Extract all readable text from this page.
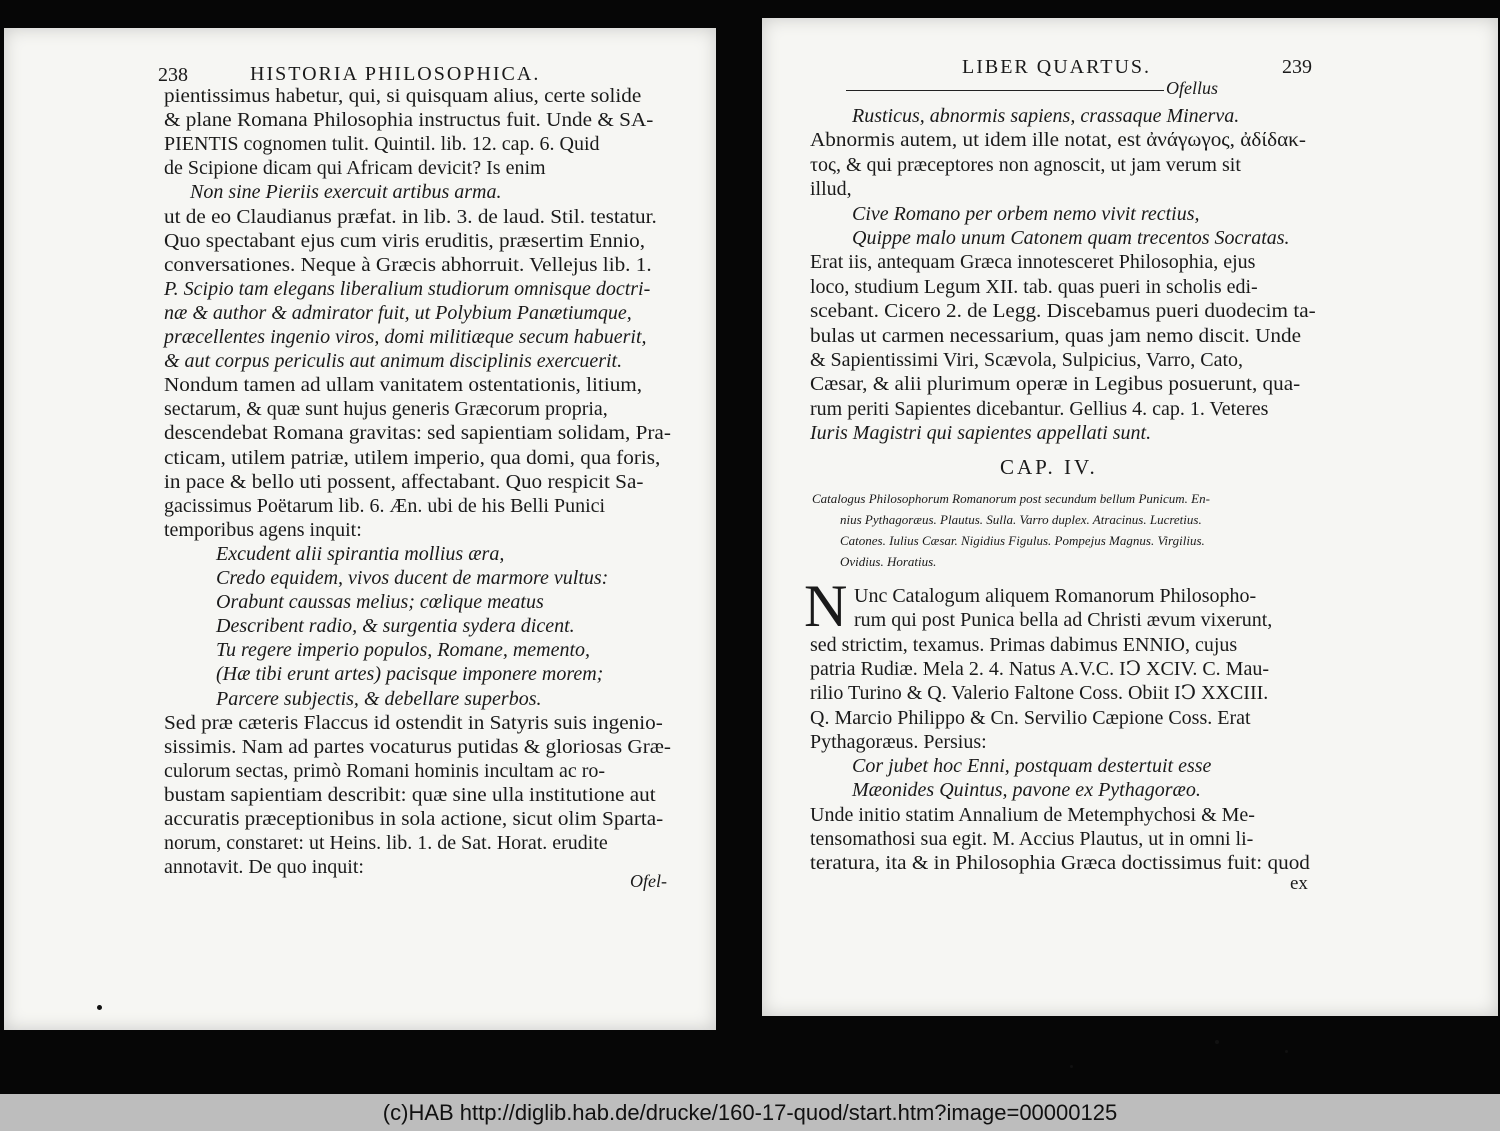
238	HISTORIA PHILOSOPHICA.
pientissimus habetur, qui, si quisquam alius, certe solide
& plane Romana Philosophia instructus fuit. Unde & SA-
PIENTIS cognomen tulit. Quintil. lib. 12. cap. 6. Quid
de Scipione dicam qui Africam devicit? Is enim
Non sine Pieriis exercuit artibus arma.
ut de eo Claudianus præfat. in lib. 3. de laud. Stil. testatur.
Quo spectabant ejus cum viris eruditis, præsertim Ennio,
conversationes. Neque à Græcis abhorruit. Vellejus lib. 1.
P. Scipio tam elegans liberalium studiorum omnisque doctri-
næ & author & admirator fuit, ut Polybium Panætiumque,
præcellentes ingenio viros, domi militiæque secum habuerit,
& aut corpus periculis aut animum disciplinis exercuerit.
Nondum tamen ad ullam vanitatem ostentationis, litium,
sectarum, & quæ sunt hujus generis Græcorum propria,
descendebat Romana gravitas: sed sapientiam solidam, Pra-
cticam, utilem patriæ, utilem imperio, qua domi, qua foris,
in pace & bello uti possent, affectabant. Quo respicit Sa-
gacissimus Poëtarum lib. 6. Æn. ubi de his Belli Punici
temporibus agens inquit:
Excudent alii spirantia mollius æra,
Credo equidem, vivos ducent de marmore vultus:
Orabunt caussas melius; cœlique meatus
Describent radio, & surgentia sydera dicent.
Tu regere imperio populos, Romane, memento,
(Hæ tibi erunt artes) pacisque imponere morem;
Parcere subjectis, & debellare superbos.
Sed præ cæteris Flaccus id ostendit in Satyris suis ingenio-
sissimis. Nam ad partes vocaturus putidas & gloriosas Græ-
culorum sectas, primò Romani hominis incultam ac ro-
bustam sapientiam describit: quæ sine ulla institutione aut
accuratis præceptionibus in sola actione, sicut olim Sparta-
norum, constaret: ut Heins. lib. 1. de Sat. Horat. erudite
annotavit. De quo inquit:
Ofel-
LIBER QUARTUS.	239
Ofellus
Rusticus, abnormis sapiens, crassaque Minerva.
Abnormis autem, ut idem ille notat, est ἀνάγωγος, ἀδίδακ-
τος, & qui præceptores non agnoscit, ut jam verum sit
illud,
Cive Romano per orbem nemo vivit rectius,
Quippe malo unum Catonem quam trecentos Socratas.
Erat iis, antequam Græca innotesceret Philosophia, ejus
loco, studium Legum XII. tab. quas pueri in scholis edi-
scebant. Cicero 2. de Legg. Discebamus pueri duodecim ta-
bulas ut carmen necessarium, quas jam nemo discit. Unde
& Sapientissimi Viri, Scævola, Sulpicius, Varro, Cato,
Cæsar, & alii plurimum operæ in Legibus posuerunt, qua-
rum periti Sapientes dicebantur. Gellius 4. cap. 1. Veteres
Iuris Magistri qui sapientes appellati sunt.
CAP. IV.
Catalogus Philosophorum Romanorum post secundum bellum Punicum. En-
nius Pythagoræus. Plautus. Sulla. Varro duplex. Atracinus. Lucretius.
Catones. Iulius Cæsar. Nigidius Figulus. Pompejus Magnus. Virgilius.
Ovidius. Horatius.
N Unc Catalogum aliquem Romanorum Philosopho-
rum qui post Punica bella ad Christi ævum vixerunt,
sed strictim, texamus. Primas dabimus ENNIO, cujus
patria Rudiæ. Mela 2. 4. Natus A.V.C. IↃ XCIV. C. Mau-
rilio Turino & Q. Valerio Faltone Coss. Obiit IↃ XXCIII.
Q. Marcio Philippo & Cn. Servilio Cæpione Coss. Erat
Pythagoræus. Persius:
Cor jubet hoc Enni, postquam destertuit esse
Mæonides Quintus, pavone ex Pythagoræo.
Unde initio statim Annalium de Metemphychosi & Me-
tensomathosi sua egit. M. Accius Plautus, ut in omni li-
teratura, ita & in Philosophia Græca doctissimus fuit: quod
ex
(c)HAB http://diglib.hab.de/drucke/160-17-quod/start.htm?image=00000125
